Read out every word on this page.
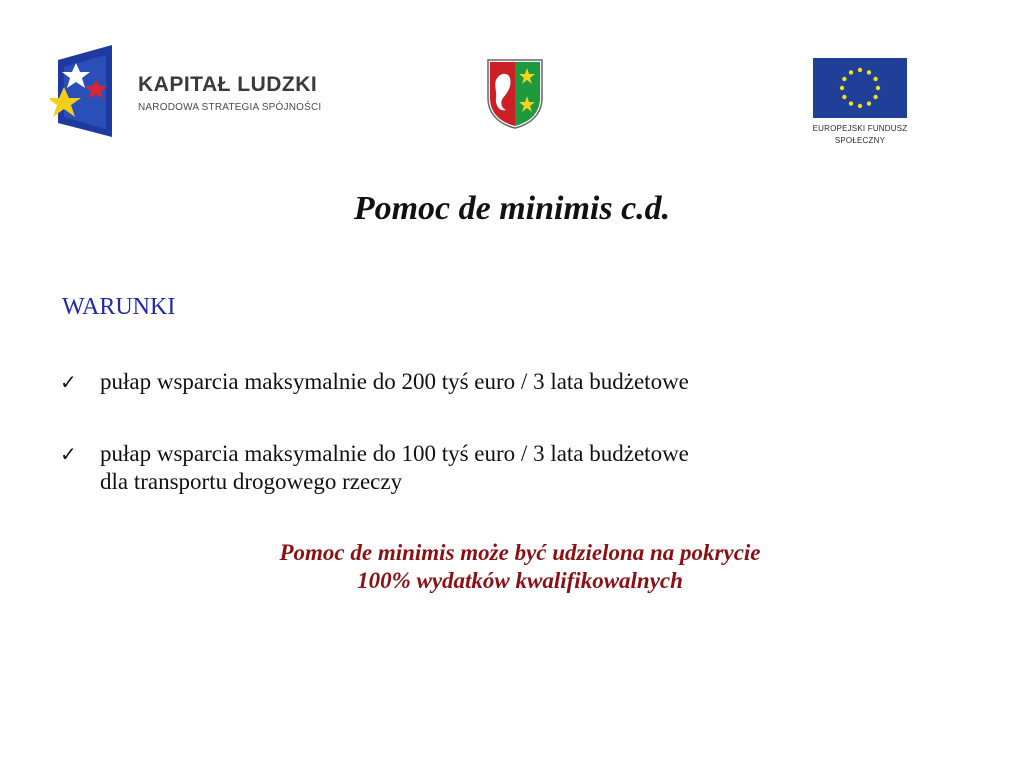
KAPITAŁ LUDZKI
NARODOWA STRATEGIA SPÓJNOŚCI
EUROPEJSKI FUNDUSZ
SPOŁECZNY
Pomoc de minimis c.d.
WARUNKI
✓ pułap wsparcia maksymalnie do 200 tyś euro / 3 lata budżetowe
✓ pułap wsparcia maksymalnie do 100 tyś euro / 3 lata budżetowe
dla transportu drogowego rzeczy
Pomoc de minimis może być udzielona na pokrycie
100% wydatków kwalifikowalnych
